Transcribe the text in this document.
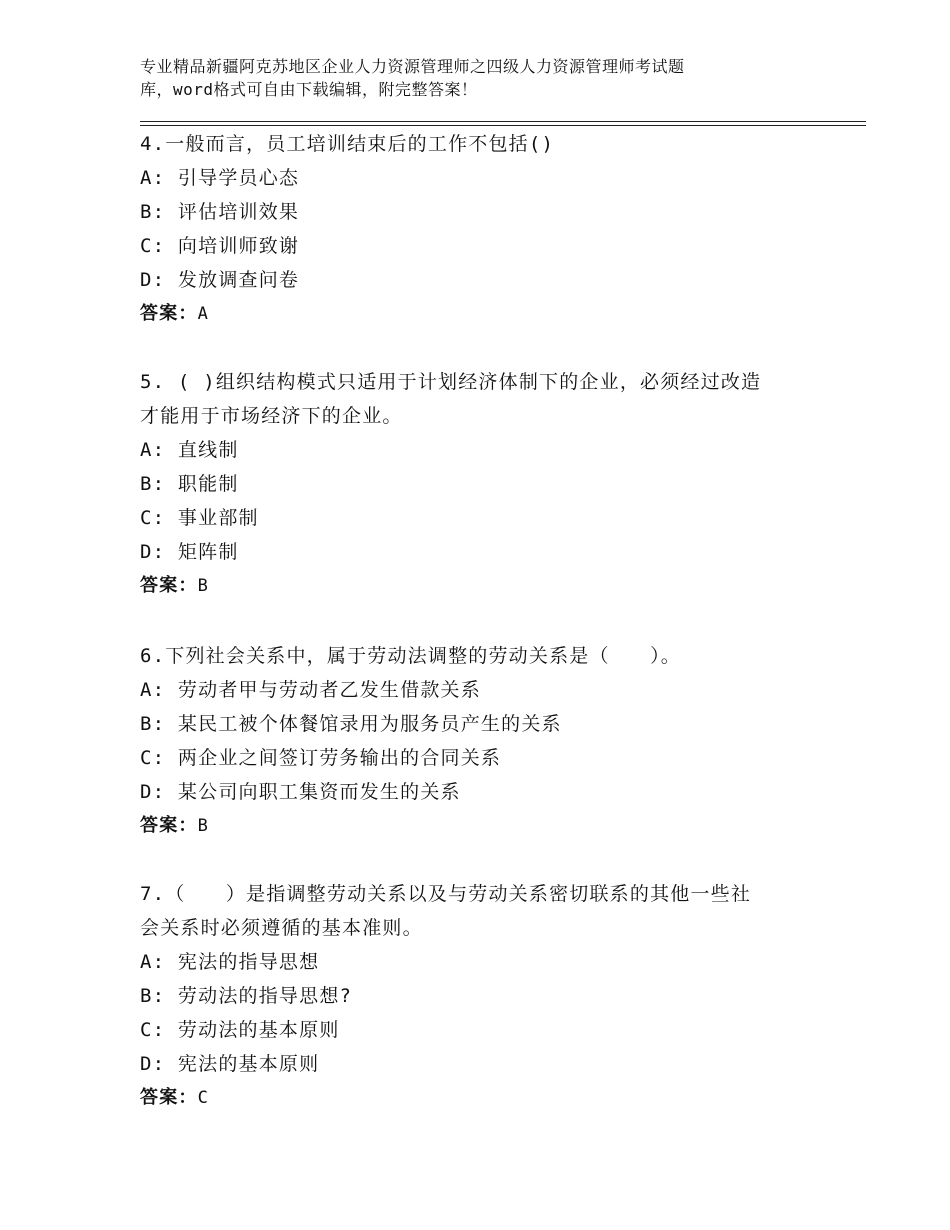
专业精品新疆阿克苏地区企业人力资源管理师之四级人力资源管理师考试题
库，word格式可自由下载编辑，附完整答案！
4.一般而言，员工培训结束后的工作不包括()
A: 引导学员心态
B: 评估培训效果
C: 向培训师致谢
D: 发放调查问卷
答案：A
5. ( )组织结构模式只适用于计划经济体制下的企业，必须经过改造
才能用于市场经济下的企业。
A: 直线制
B: 职能制
C: 事业部制
D: 矩阵制
答案：B
6.下列社会关系中，属于劳动法调整的劳动关系是（　　）。
A: 劳动者甲与劳动者乙发生借款关系
B: 某民工被个体餐馆录用为服务员产生的关系
C: 两企业之间签订劳务输出的合同关系
D: 某公司向职工集资而发生的关系
答案：B
7.（　　）是指调整劳动关系以及与劳动关系密切联系的其他一些社
会关系时必须遵循的基本准则。
A: 宪法的指导思想
B: 劳动法的指导思想?
C: 劳动法的基本原则
D: 宪法的基本原则
答案：C
